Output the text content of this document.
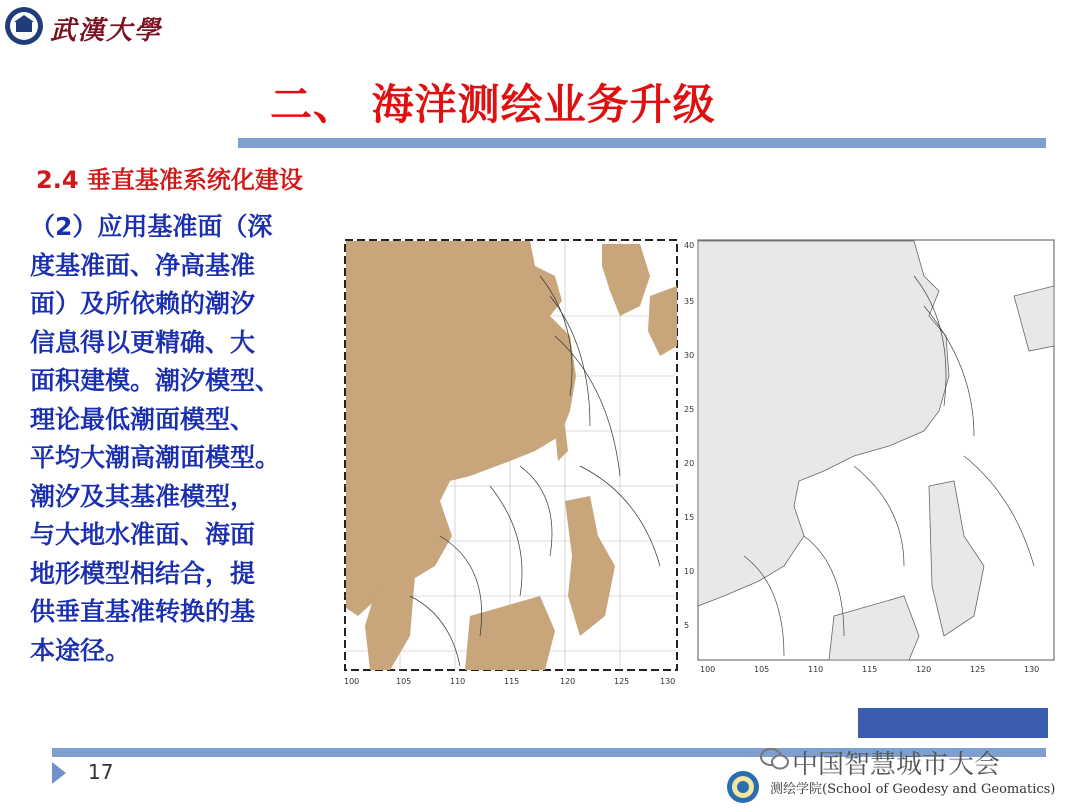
武漢大學
二、 海洋测绘业务升级
2.4 垂直基准系统化建设
（2）应用基准面（深
度基准面、净高基准
面）及所依赖的潮汐
信息得以更精确、大
面积建模。潮汐模型、
理论最低潮面模型、
平均大潮高潮面模型。
潮汐及其基准模型，
与大地水准面、海面
地形模型相结合，提
供垂直基准转换的基
本途径。
100	105	110	115	120	125	130
40
35
30
25
20
15
10
5
100	105	110	115	120	125	130
17	中国智慧城市大会
测绘学院(School of Geodesy and Geomatics)
